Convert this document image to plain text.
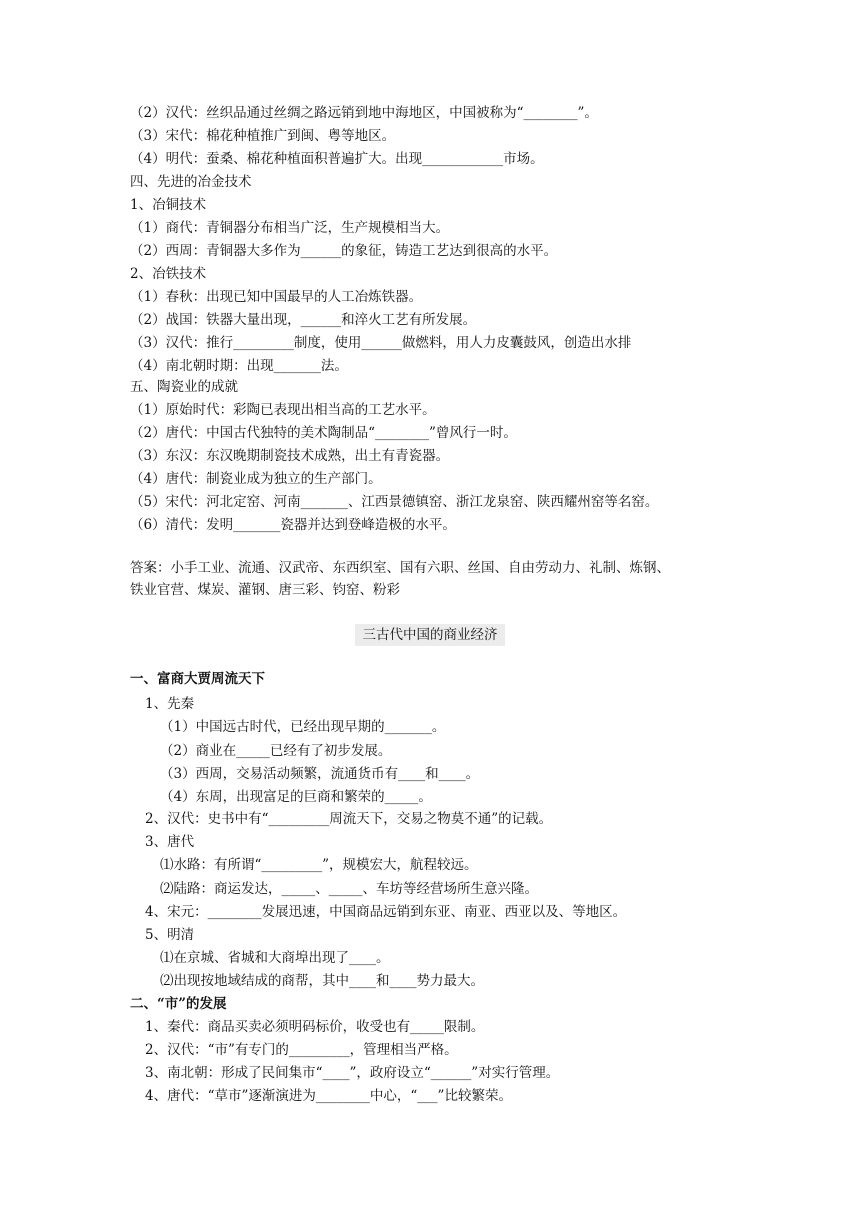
（2）汉代：丝织品通过丝绸之路远销到地中海地区，中国被称为“________”。
（3）宋代：棉花种植推广到闽、粤等地区。
（4）明代：蚕桑、棉花种植面积普遍扩大。出现____________市场。
四、先进的冶金技术
1、冶铜技术
（1）商代：青铜器分布相当广泛，生产规模相当大。
（2）西周：青铜器大多作为______的象征，铸造工艺达到很高的水平。
2、冶铁技术
（1）春秋：出现已知中国最早的人工冶炼铁器。
（2）战国：铁器大量出现，______和淬火工艺有所发展。
（3）汉代：推行_________制度，使用______做燃料，用人力皮囊鼓风，创造出水排
（4）南北朝时期：出现_______法。
五、陶瓷业的成就
（1）原始时代：彩陶已表现出相当高的工艺水平。
（2）唐代：中国古代独特的美术陶制品“________”曾风行一时。
（3）东汉：东汉晚期制瓷技术成熟，出土有青瓷器。
（4）唐代：制瓷业成为独立的生产部门。
（5）宋代：河北定窑、河南_______、江西景德镇窑、浙江龙泉窑、陕西耀州窑等名窑。
（6）清代：发明_______瓷器并达到登峰造极的水平。
答案：小手工业、流通、汉武帝、东西织室、国有六职、丝国、自由劳动力、礼制、炼钢、
铁业官营、煤炭、灌钢、唐三彩、钧窑、粉彩
三古代中国的商业经济
一、富商大贾周流天下
1、先秦
（1）中国远古时代，已经出现早期的_______。
（2）商业在_____已经有了初步发展。
（3）西周，交易活动频繁，流通货币有____和____。
（4）东周，出现富足的巨商和繁荣的_____。
2、汉代：史书中有“_________周流天下，交易之物莫不通”的记载。
3、唐代
⑴水路：有所谓“_________”，规模宏大，航程较远。
⑵陆路：商运发达，_____、_____、车坊等经营场所生意兴隆。
4、宋元：________发展迅速，中国商品远销到东亚、南亚、西亚以及、等地区。
5、明清
⑴在京城、省城和大商埠出现了____。
⑵出现按地域结成的商帮，其中____和____势力最大。
二、“市”的发展
1、秦代：商品买卖必须明码标价，收受也有_____限制。
2、汉代：“市”有专门的_________，管理相当严格。
3、南北朝：形成了民间集市“____”，政府设立“______”对实行管理。
4、唐代：“草市”逐渐演进为________中心，“___”比较繁荣。
